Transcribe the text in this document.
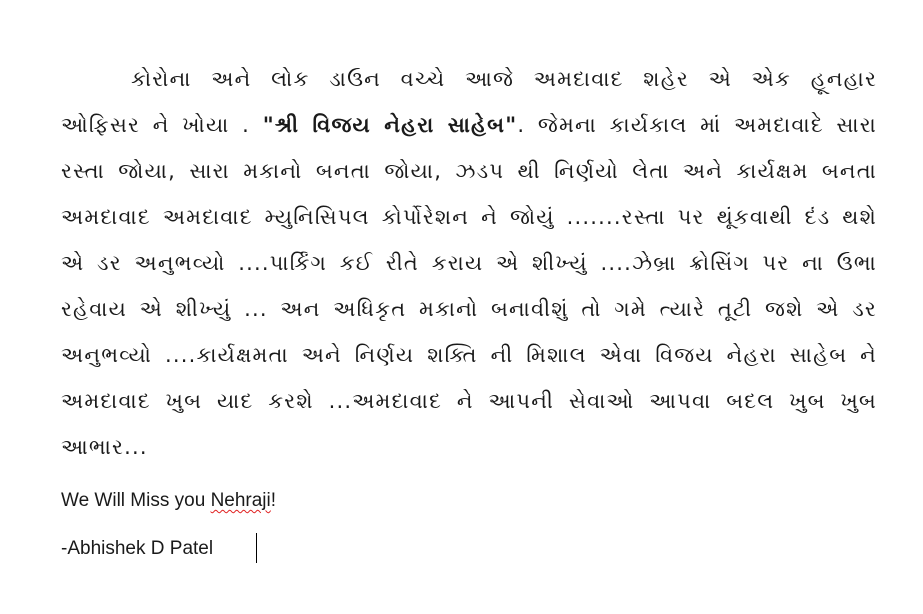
કોરોના અને લોક ડાઉન વચ્ચે આજે અમદાવાદ શહેર એ એક હૂનહાર ઓફિસર ને ખોયા . "શ્રી વિજય નેહરા સાહેબ". જેમના કાર્યકાલ માં અમદાવાદે સારા રસ્તા જોયા, સારા મકાનો બનતા જોયા, ઝડપ થી નિર્ણયો લેતા અને કાર્યક્ષમ બનતા અમદાવાદ અમદાવાદ મ્યુનિસિપલ કોર્પોરેશન ને જોયું .......રસ્તા પર થૂંકવાથી દંડ થશે એ ડર અનુભવ્યો ....પાર્કિંગ કઈ રીતે કરાય એ શીખ્યું ....ઝેબ્રા ક્રોસિંગ પર ના ઉભા રહેવાય એ શીખ્યું ... અન અધિકૃત મકાનો બનાવીશું તો ગમે ત્યારે તૂટી જશે એ ડર અનુભવ્યો ....કાર્યક્ષમતા અને નિર્ણય શક્તિ ની મિશાલ એવા વિજય નેહરા સાહેબ ને અમદાવાદ ખુબ યાદ કરશે ...અમદાવાદ ને આપની સેવાઓ આપવા બદલ ખુબ ખુબ આભાર...

We Will Miss you Nehraji!
-Abhishek D Patel
